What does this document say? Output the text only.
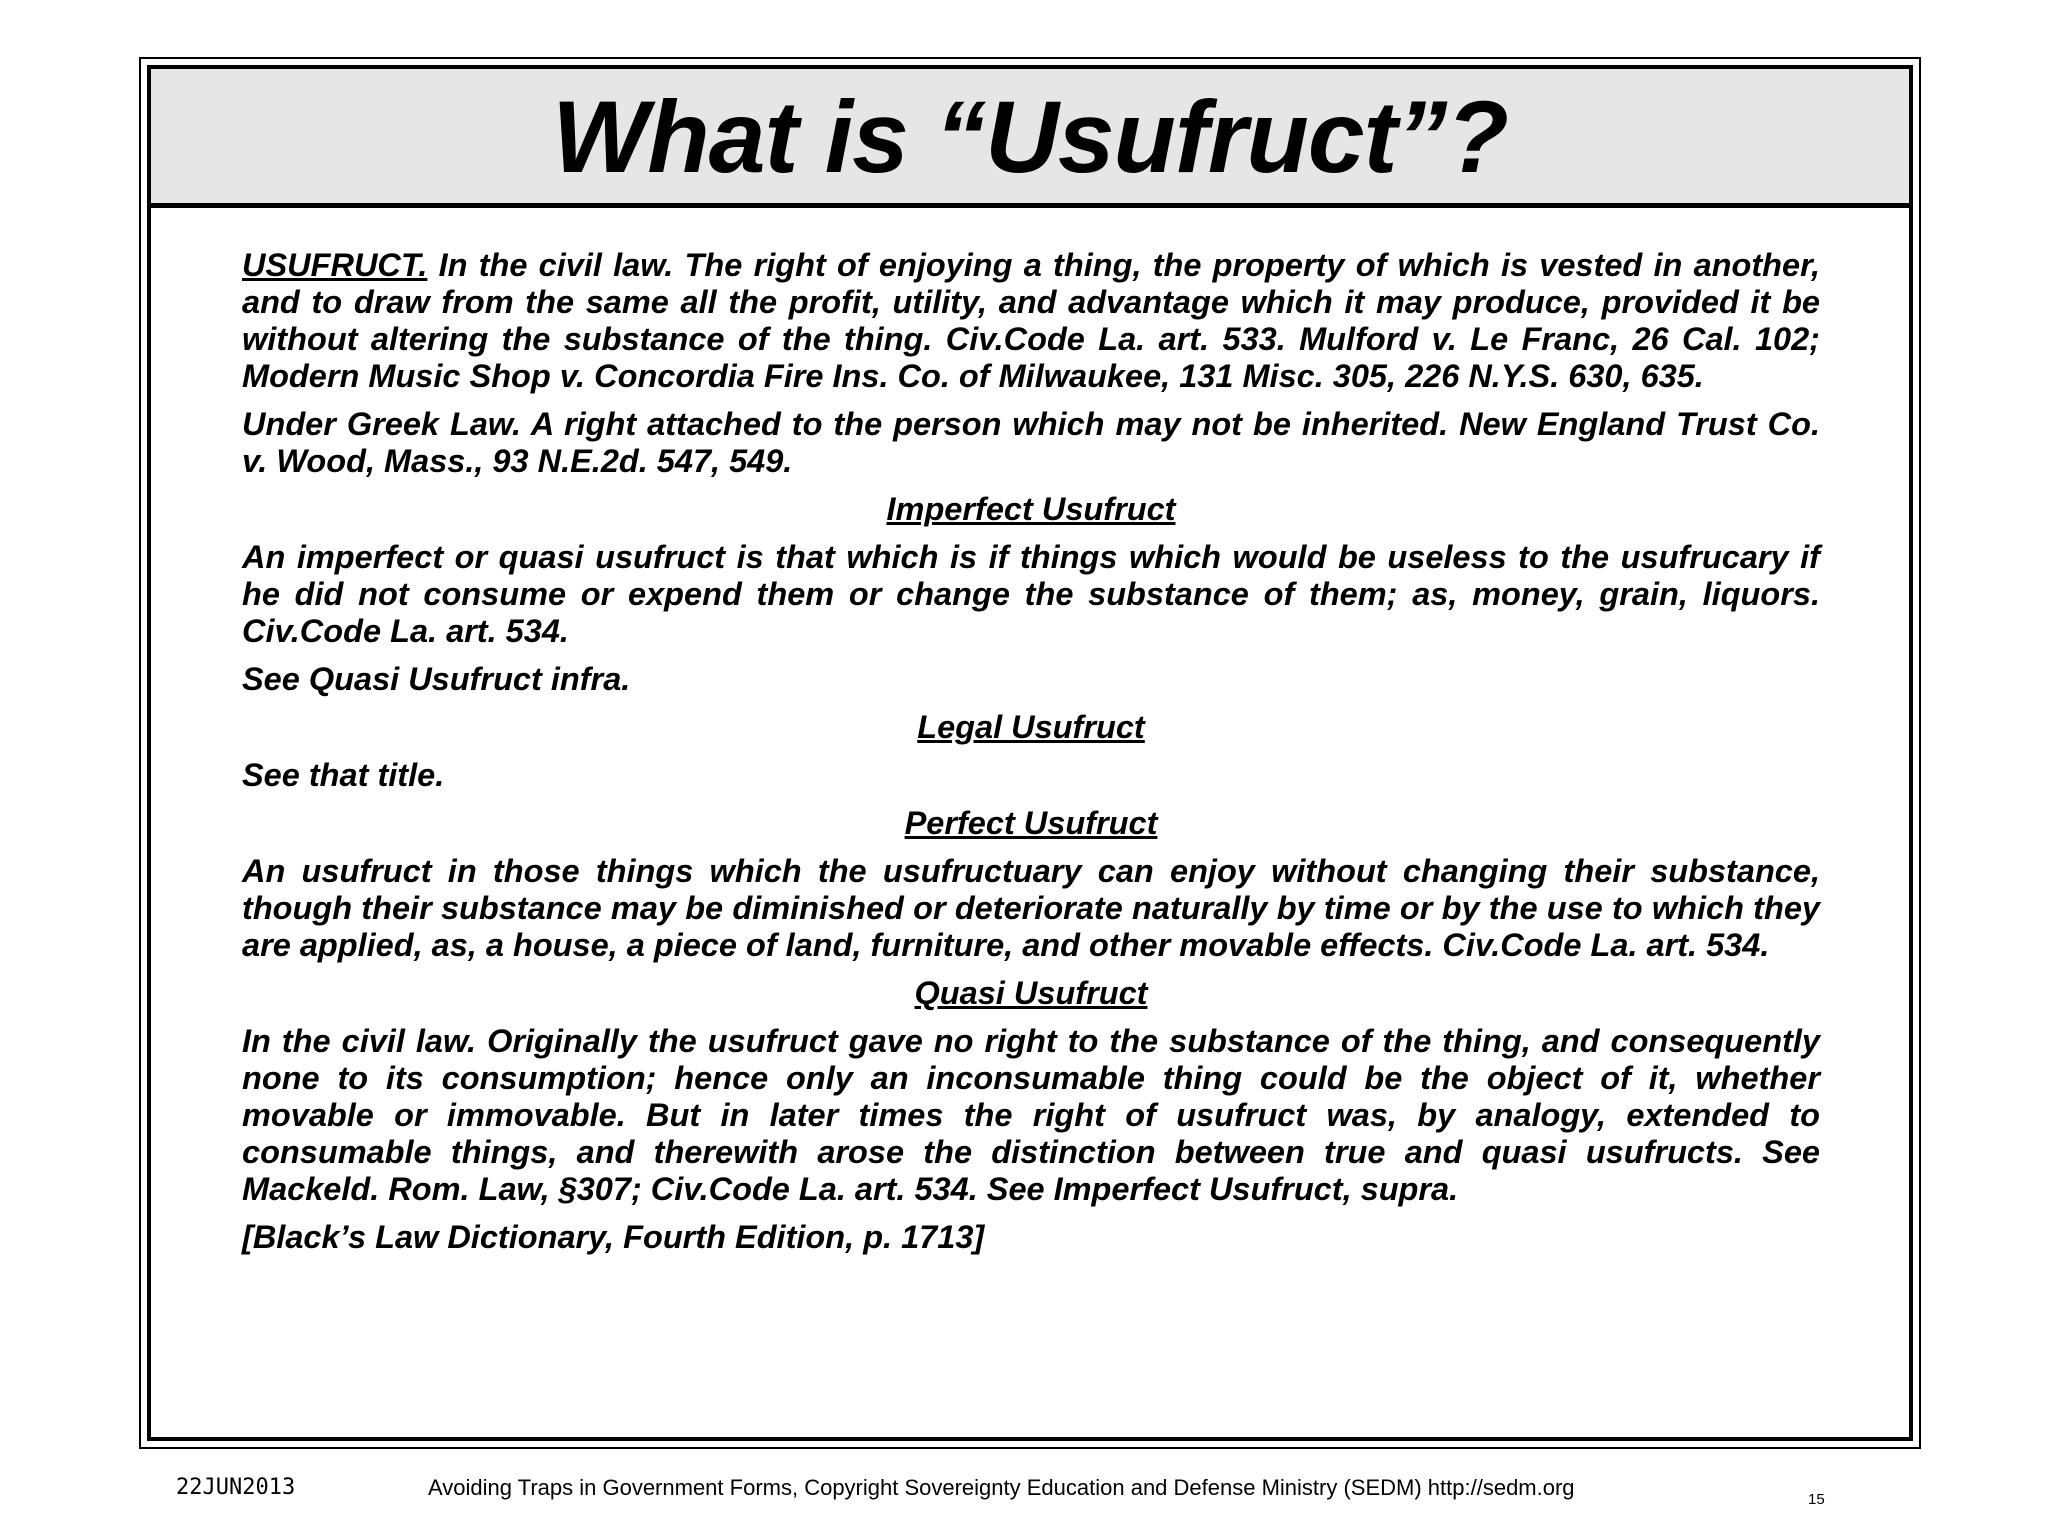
What is “Usufruct”?

USUFRUCT. In the civil law. The right of enjoying a thing, the property of which is vested in another, and to draw from the same all the profit, utility, and advantage which it may produce, provided it be without altering the substance of the thing. Civ.Code La. art. 533. Mulford v. Le Franc, 26 Cal. 102; Modern Music Shop v. Concordia Fire Ins. Co. of Milwaukee, 131 Misc. 305, 226 N.Y.S. 630, 635.

Under Greek Law. A right attached to the person which may not be inherited. New England Trust Co. v. Wood, Mass., 93 N.E.2d. 547, 549.

Imperfect Usufruct

An imperfect or quasi usufruct is that which is if things which would be useless to the usufrucary if he did not consume or expend them or change the substance of them; as, money, grain, liquors. Civ.Code La. art. 534.

See Quasi Usufruct infra.

Legal Usufruct

See that title.

Perfect Usufruct

An usufruct in those things which the usufructuary can enjoy without changing their substance, though their substance may be diminished or deteriorate naturally by time or by the use to which they are applied, as, a house, a piece of land, furniture, and other movable effects. Civ.Code La. art. 534.

Quasi Usufruct

In the civil law. Originally the usufruct gave no right to the substance of the thing, and consequently none to its consumption; hence only an inconsumable thing could be the object of it, whether movable or immovable. But in later times the right of usufruct was, by analogy, extended to consumable things, and therewith arose the distinction between true and quasi usufructs. See Mackeld. Rom. Law, §307; Civ.Code La. art. 534. See Imperfect Usufruct, supra.

[Black’s Law Dictionary, Fourth Edition, p. 1713]

22JUN2013	Avoiding Traps in Government Forms, Copyright Sovereignty Education and Defense Ministry (SEDM) http://sedm.org	15
